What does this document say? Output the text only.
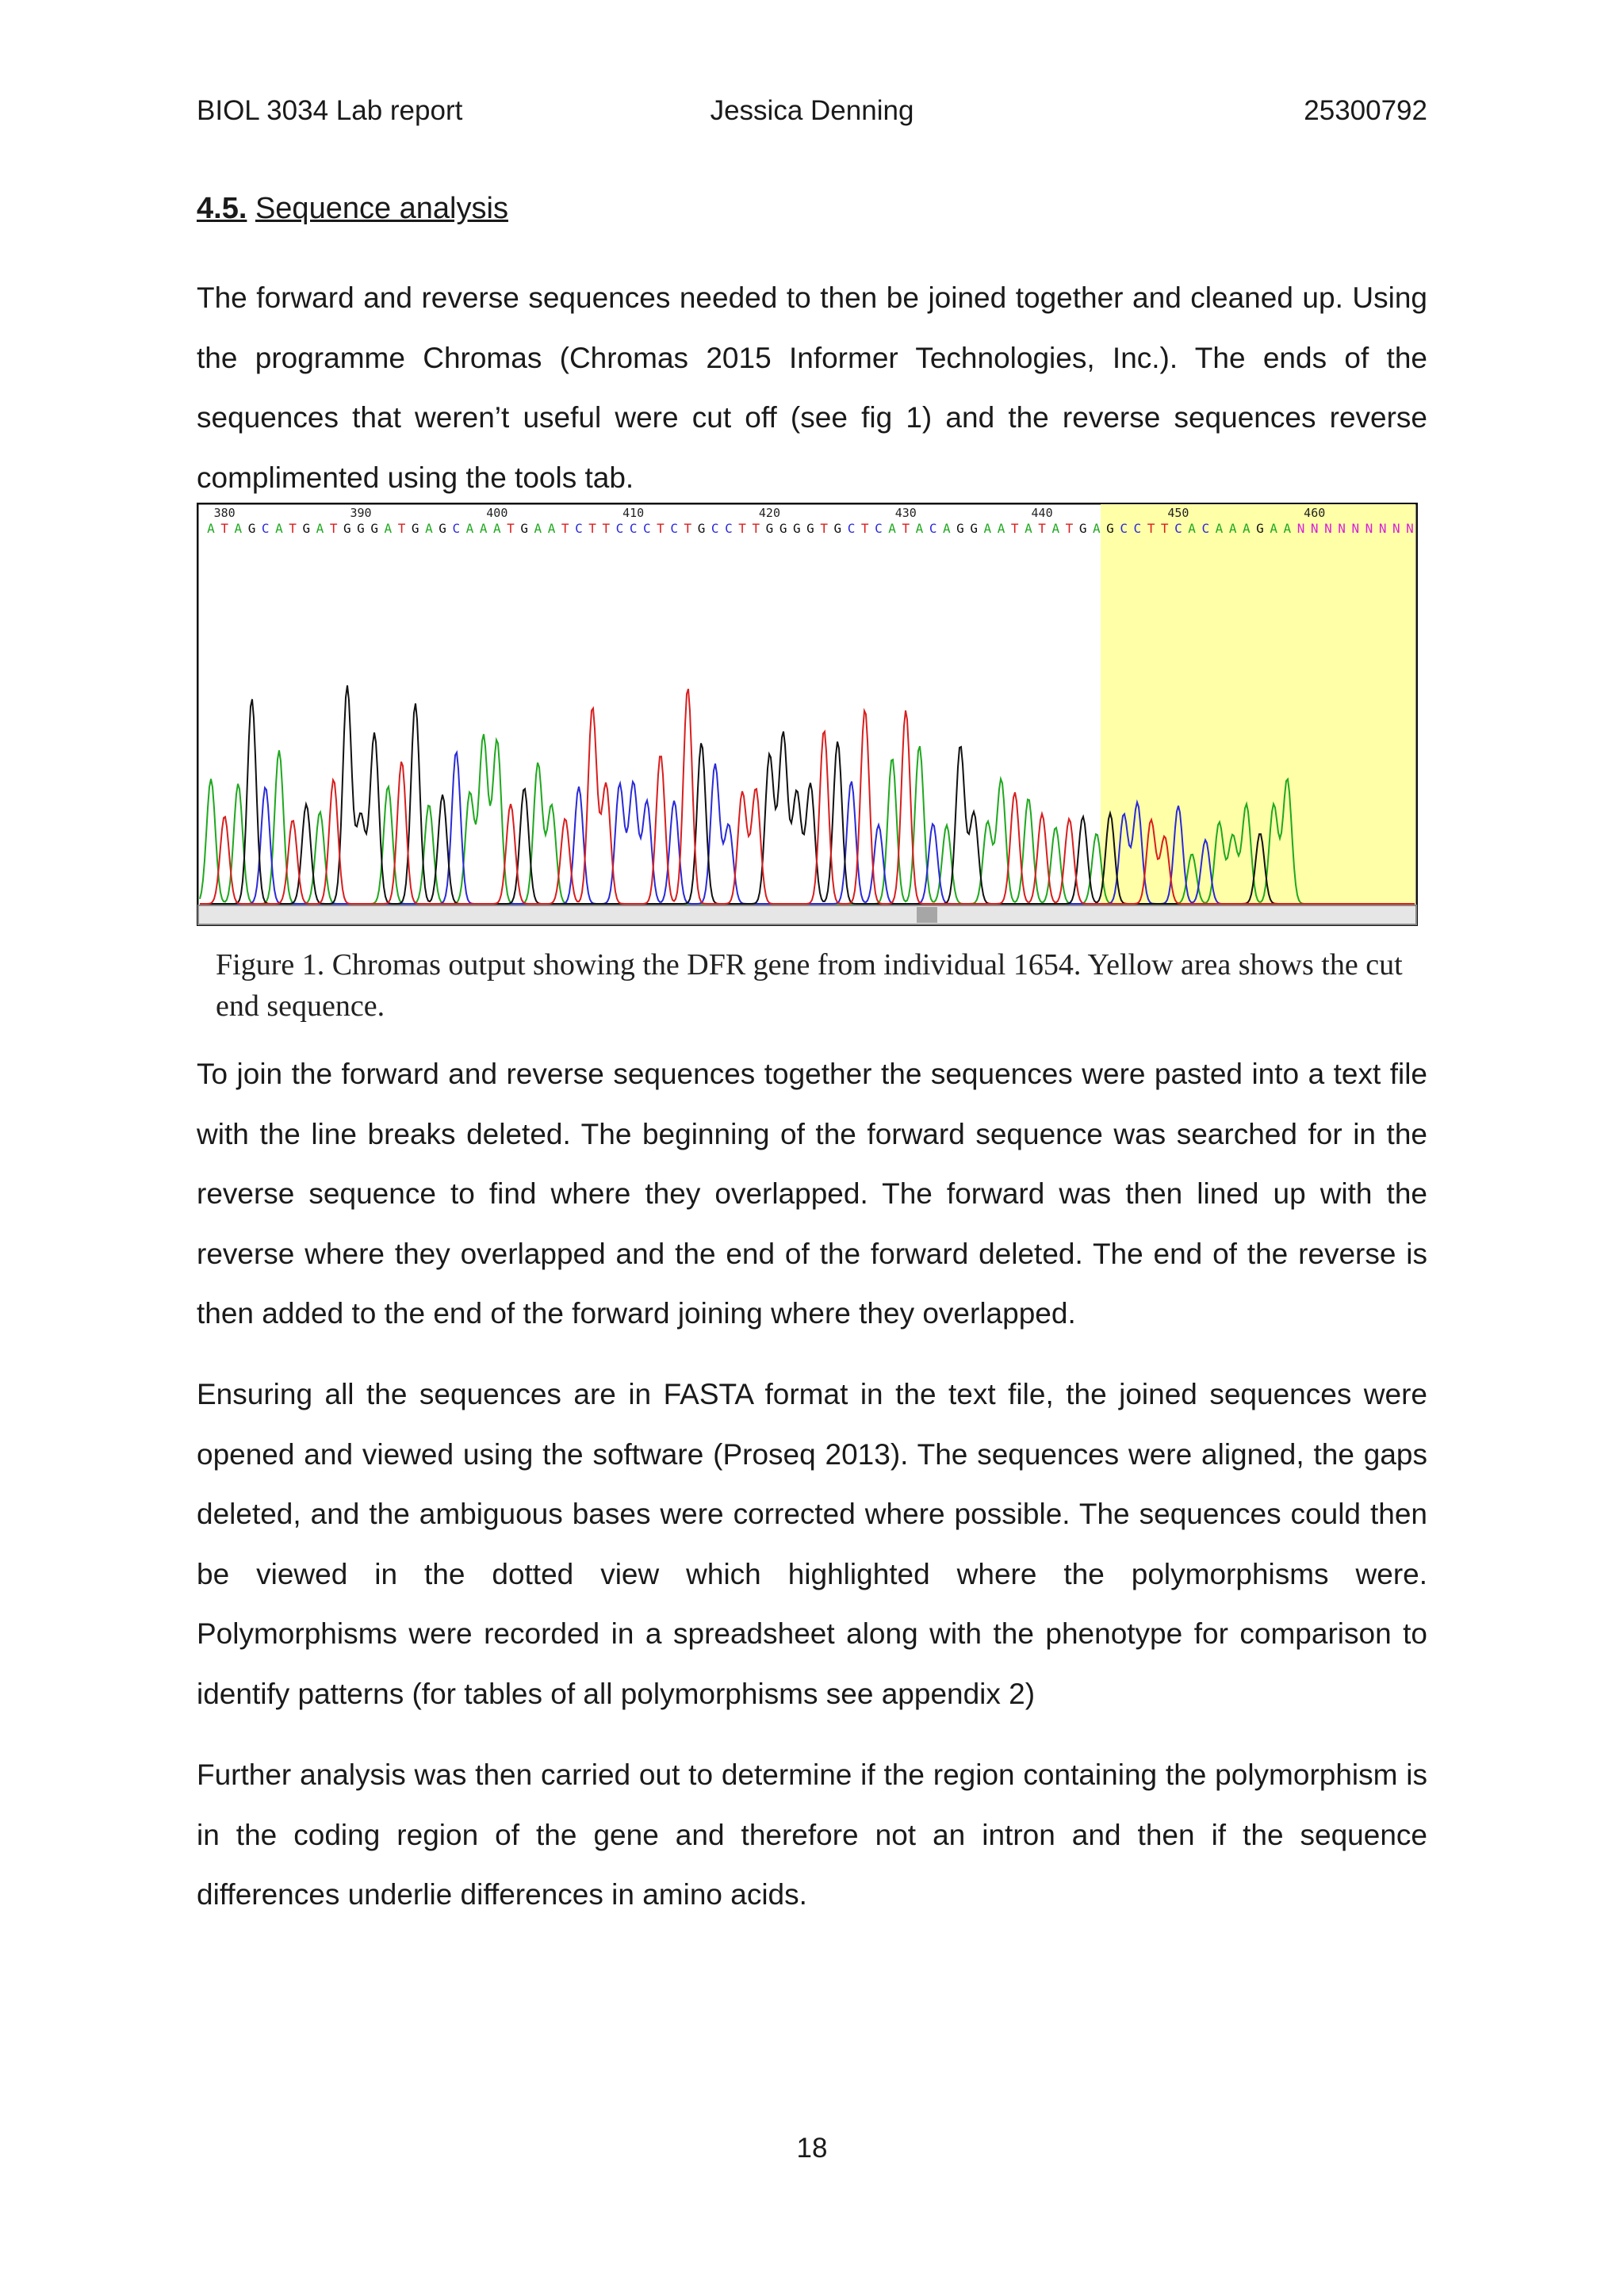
BIOL 3034 Lab report	Jessica Denning	25300792
4.5. Sequence analysis

The forward and reverse sequences needed to then be joined together and cleaned up. Using the programme Chromas (Chromas 2015 Informer Technologies, Inc.). The ends of the sequences that weren’t useful were cut off (see fig 1) and the reverse sequences reverse complimented using the tools tab.

380	390	400	410	420	430	440	450	460
A T A G C A T G A T G G G A T G A G C A A A T G A A T C T T C C C T C T G C C T T G G G G T G C T C A T A C A G G A A T A T A T G A G C C T T C A C A A A G A A N N N N N N N N N

Figure 1. Chromas output showing the DFR gene from individual 1654. Yellow area shows the cut end sequence.

To join the forward and reverse sequences together the sequences were pasted into a text file with the line breaks deleted. The beginning of the forward sequence was searched for in the reverse sequence to find where they overlapped. The forward was then lined up with the reverse where they overlapped and the end of the forward deleted. The end of the reverse is then added to the end of the forward joining where they overlapped.

Ensuring all the sequences are in FASTA format in the text file, the joined sequences were opened and viewed using the software (Proseq 2013). The sequences were aligned, the gaps deleted, and the ambiguous bases were corrected where possible. The sequences could then be viewed in the dotted view which highlighted where the polymorphisms were. Polymorphisms were recorded in a spreadsheet along with the phenotype for comparison to identify patterns (for tables of all polymorphisms see appendix 2)

Further analysis was then carried out to determine if the region containing the polymorphism is in the coding region of the gene and therefore not an intron and then if the sequence differences underlie differences in amino acids.

18
